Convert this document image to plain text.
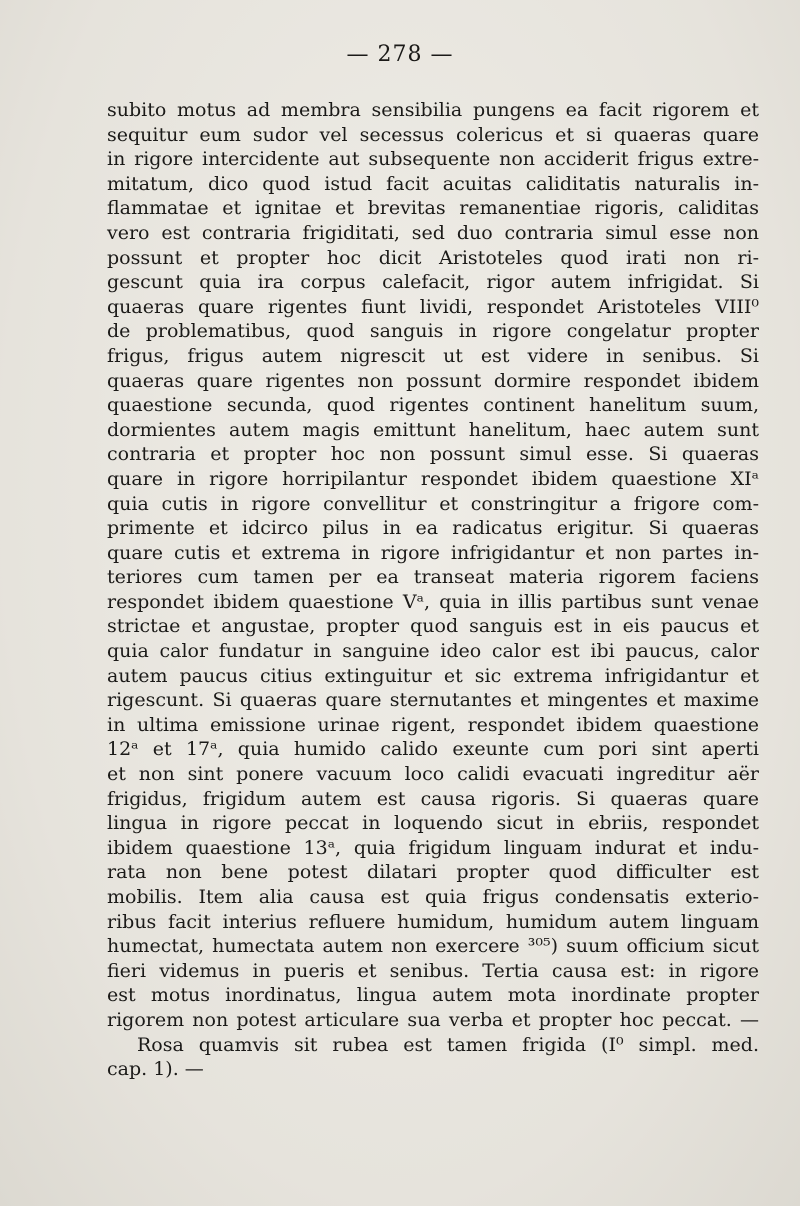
— 278 —
subito motus ad membra sensibilia pungens ea facit rigorem et
sequitur eum sudor vel secessus colericus et si quaeras quare
in rigore intercidente aut subsequente non acciderit frigus extre-
mitatum, dico quod istud facit acuitas caliditatis naturalis in-
flammatae et ignitae et brevitas remanentiae rigoris, caliditas
vero est contraria frigiditati, sed duo contraria simul esse non
possunt et propter hoc dicit Aristoteles quod irati non ri-
gescunt quia ira corpus calefacit, rigor autem infrigidat. Si
quaeras quare rigentes fiunt lividi, respondet Aristoteles VIII⁰
de problematibus, quod sanguis in rigore congelatur propter
frigus, frigus autem nigrescit ut est videre in senibus. Si
quaeras quare rigentes non possunt dormire respondet ibidem
quaestione secunda, quod rigentes continent hanelitum suum,
dormientes autem magis emittunt hanelitum, haec autem sunt
contraria et propter hoc non possunt simul esse. Si quaeras
quare in rigore horripilantur respondet ibidem quaestione XIᵃ
quia cutis in rigore convellitur et constringitur a frigore com-
primente et idcirco pilus in ea radicatus erigitur. Si quaeras
quare cutis et extrema in rigore infrigidantur et non partes in-
teriores cum tamen per ea transeat materia rigorem faciens
respondet ibidem quaestione Vᵃ, quia in illis partibus sunt venae
strictae et angustae, propter quod sanguis est in eis paucus et
quia calor fundatur in sanguine ideo calor est ibi paucus, calor
autem paucus citius extinguitur et sic extrema infrigidantur et
rigescunt. Si quaeras quare sternutantes et mingentes et maxime
in ultima emissione urinae rigent, respondet ibidem quaestione
12ᵃ et 17ᵃ, quia humido calido exeunte cum pori sint aperti
et non sint ponere vacuum loco calidi evacuati ingreditur aër
frigidus, frigidum autem est causa rigoris. Si quaeras quare
lingua in rigore peccat in loquendo sicut in ebriis, respondet
ibidem quaestione 13ᵃ, quia frigidum linguam indurat et indu-
rata non bene potest dilatari propter quod difficulter est
mobilis. Item alia causa est quia frigus condensatis exterio-
ribus facit interius refluere humidum, humidum autem linguam
humectat, humectata autem non exercere ³⁰⁵) suum officium sicut
fieri videmus in pueris et senibus. Tertia causa est: in rigore
est motus inordinatus, lingua autem mota inordinate propter
rigorem non potest articulare sua verba et propter hoc peccat. —
Rosa quamvis sit rubea est tamen frigida (I⁰ simpl. med.
cap. 1). —
